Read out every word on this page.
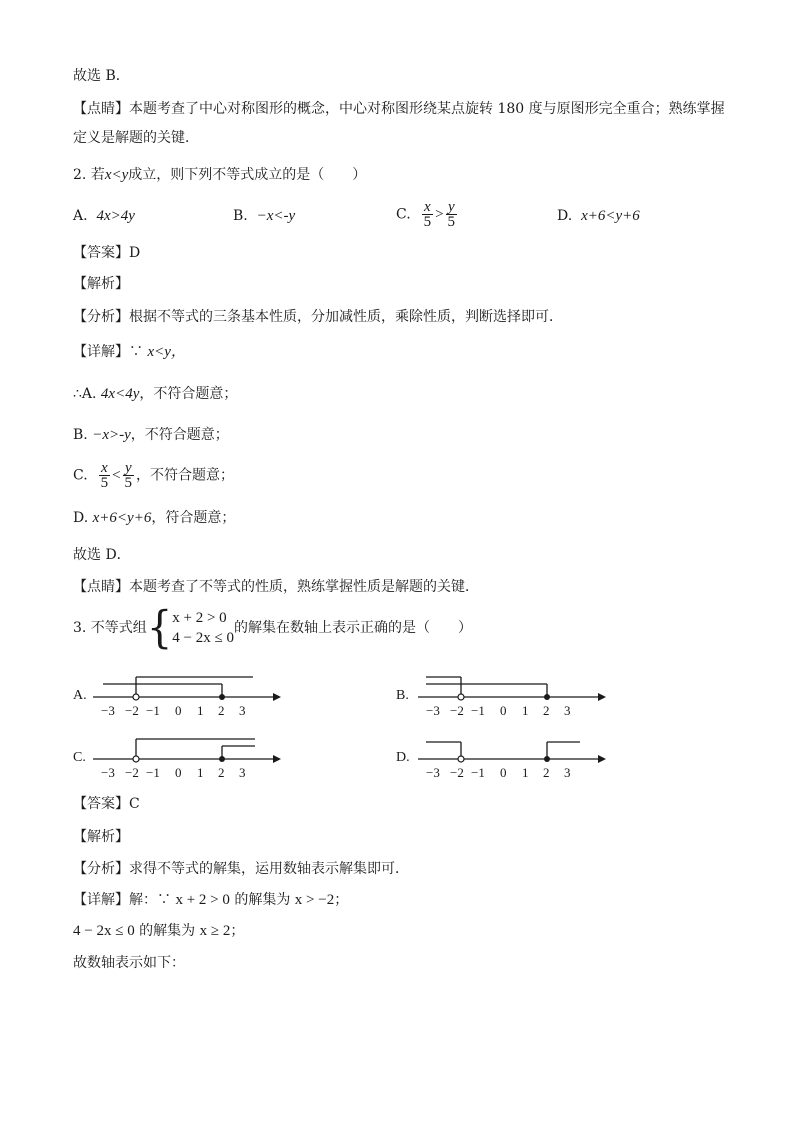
故选 B．
【点睛】本题考查了中心对称图形的概念，中心对称图形绕某点旋转 180 度与原图形完全重合；熟练掌握
定义是解题的关键．
2. 若x<y成立，则下列不等式成立的是（　　）
A. 4x>4y	B. −x<-y	C. $\frac{x}{5} > \frac{y}{5}$	D. x+6<y+6
【答案】D
【解析】
【分析】根据不等式的三条基本性质，分加减性质，乘除性质，判断选择即可．
【详解】∵ x<y，
∴A. 4x<4y，不符合题意；
B. −x>-y，不符合题意；
C. $\frac{x}{5} < \frac{y}{5}$ ，不符合题意；
D. x+6<y+6，符合题意；
故选 D．
【点睛】本题考查了不等式的性质，熟练掌握性质是解题的关键．
3. 不等式组{ x + 2 > 0
4 − 2x ≤ 0
的解集在数轴上表示正确的是（　　）
A.
−3 −2 −1 0 1 2 3
B.
−3 −2 −1 0 1 2 3
C.
−3 −2 −1 0 1 2 3
D.
−3 −2 −1 0 1 2 3
【答案】C
【解析】
【分析】求得不等式的解集，运用数轴表示解集即可．
【详解】解：∵ x + 2 > 0 的解集为 x > −2；
4 − 2x ≤ 0 的解集为 x ≥ 2；
故数轴表示如下：
